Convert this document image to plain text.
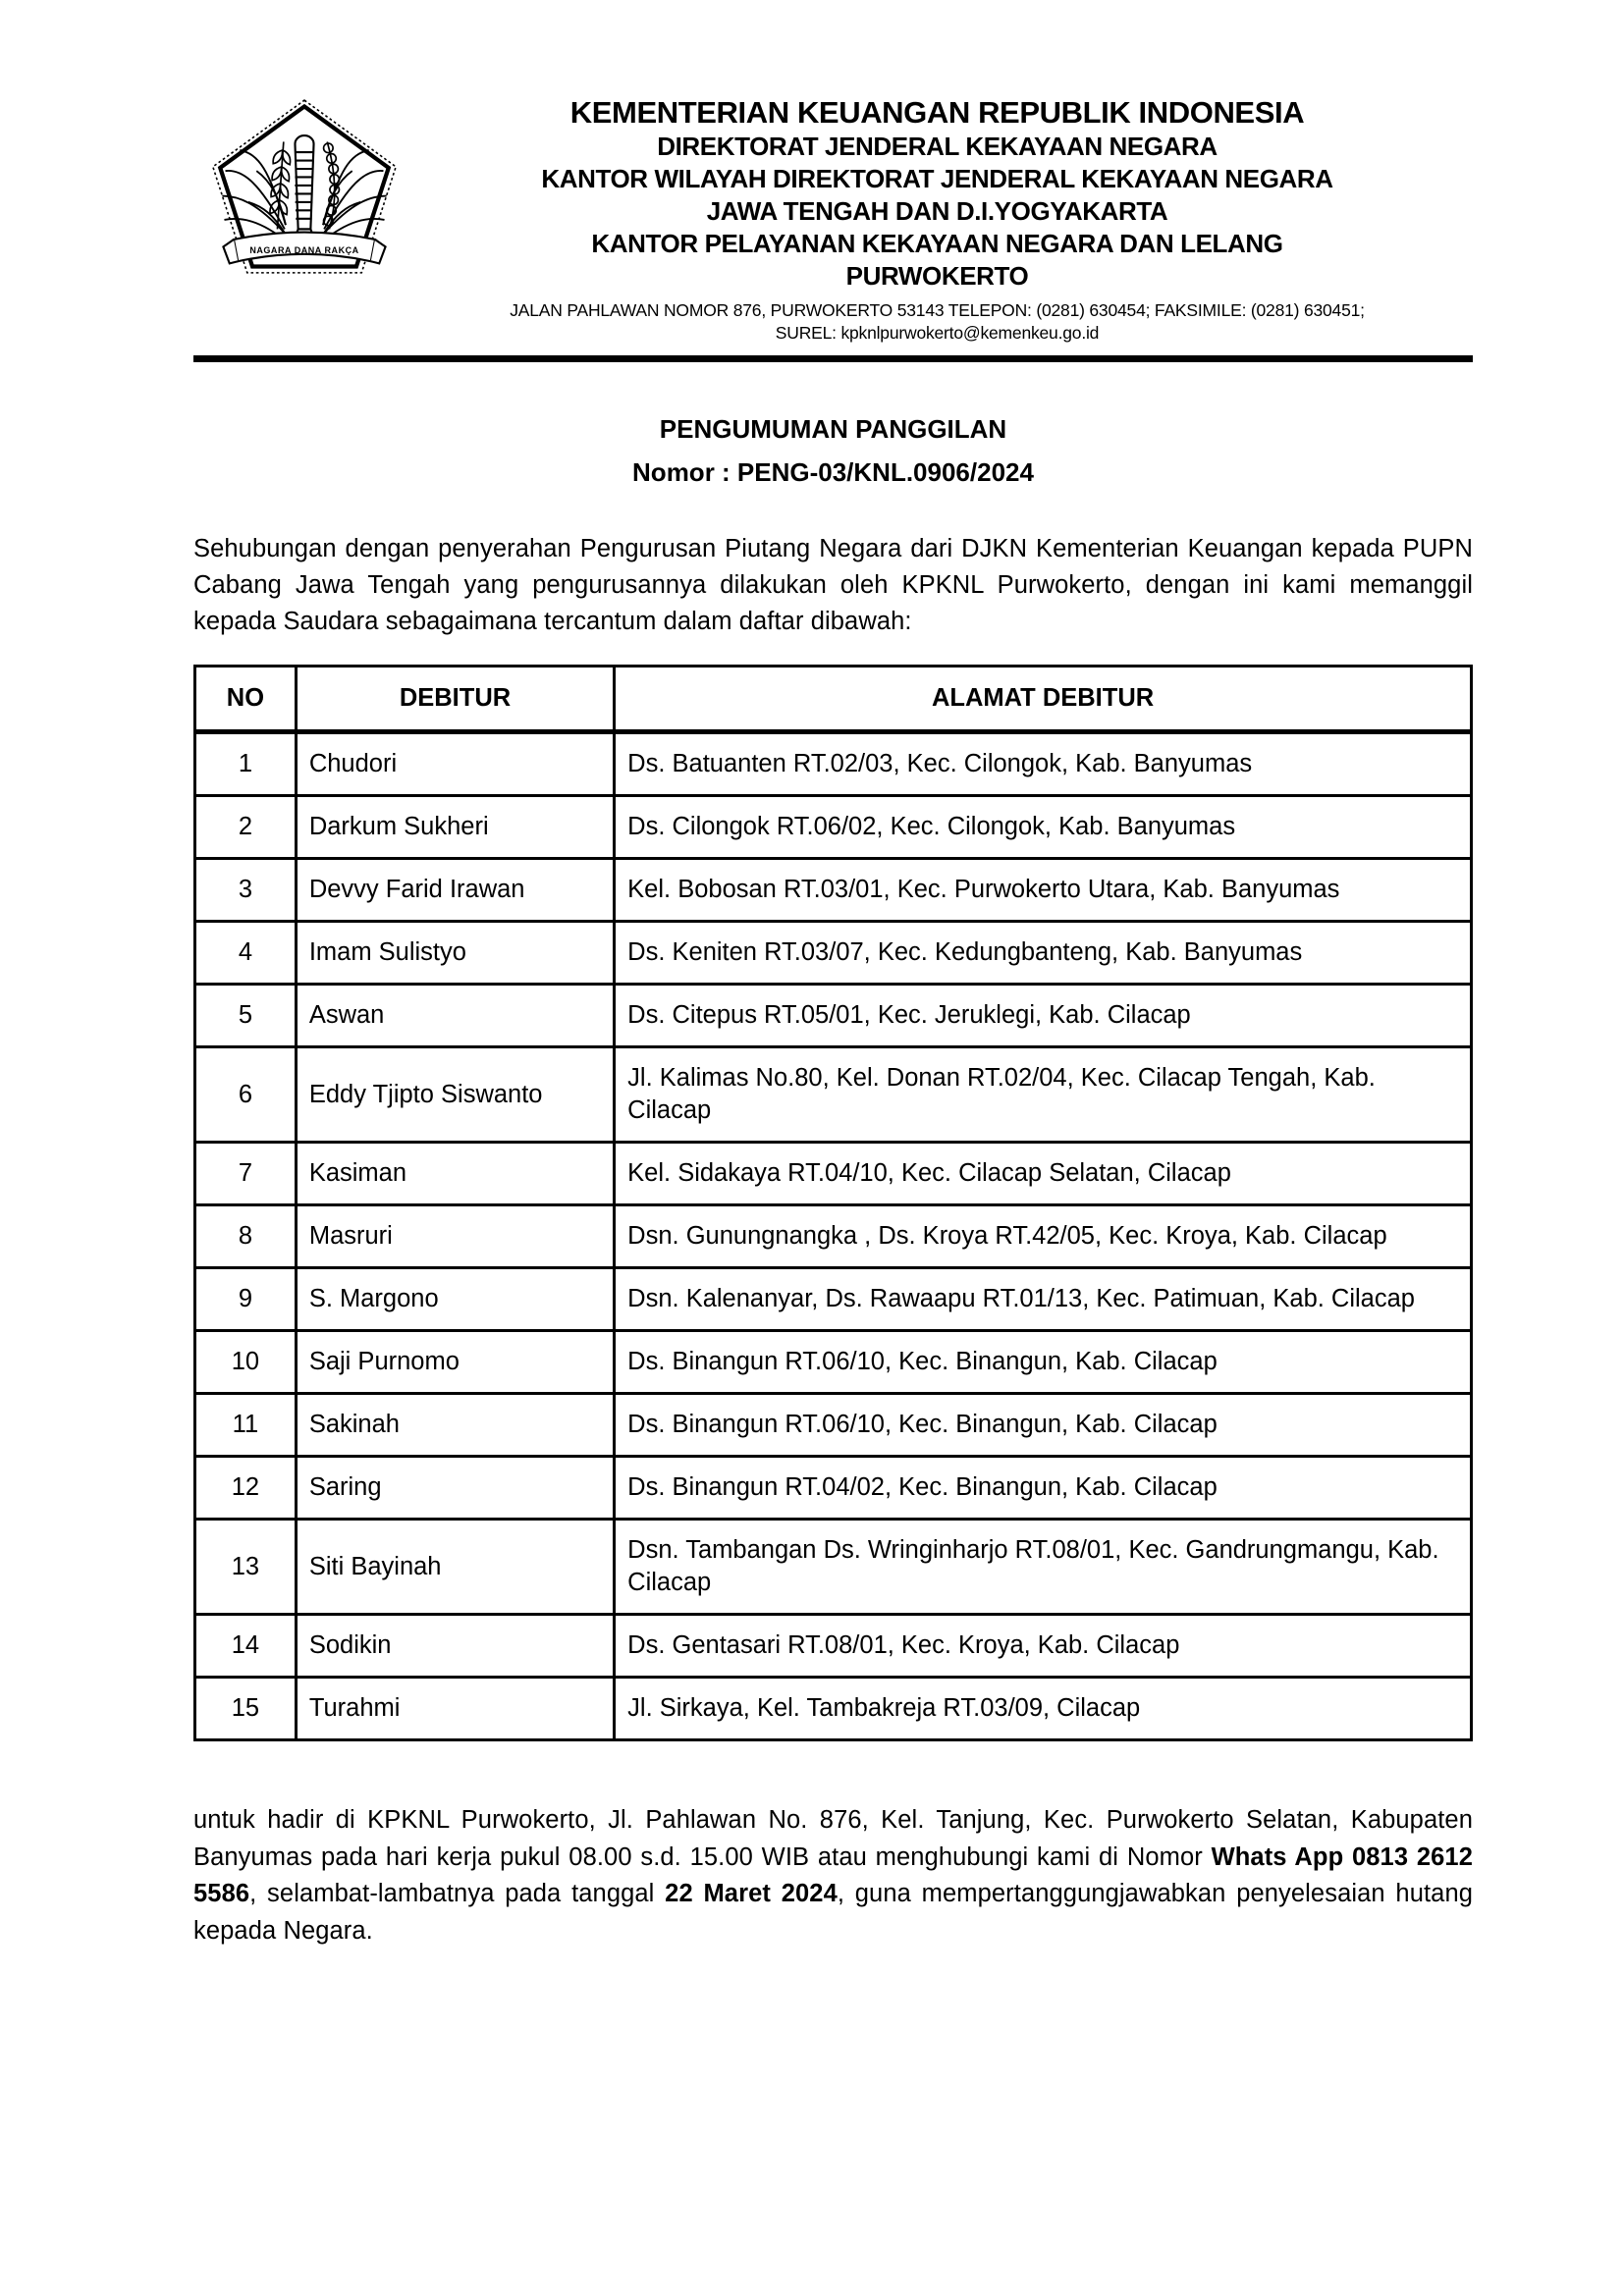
NAGARA DANA RAKÇA
KEMENTERIAN KEUANGAN REPUBLIK INDONESIA
DIREKTORAT JENDERAL KEKAYAAN NEGARA
KANTOR WILAYAH DIREKTORAT JENDERAL KEKAYAAN NEGARA
JAWA TENGAH DAN D.I.YOGYAKARTA
KANTOR PELAYANAN KEKAYAAN NEGARA DAN LELANG
PURWOKERTO
JALAN PAHLAWAN NOMOR 876, PURWOKERTO 53143 TELEPON: (0281) 630454; FAKSIMILE: (0281) 630451;
SUREL: kpknlpurwokerto@kemenkeu.go.id
PENGUMUMAN PANGGILAN
Nomor : PENG-03/KNL.0906/2024
Sehubungan dengan penyerahan Pengurusan Piutang Negara dari DJKN Kementerian Keuangan kepada PUPN Cabang Jawa Tengah yang pengurusannya dilakukan oleh KPKNL Purwokerto, dengan ini kami memanggil kepada Saudara sebagaimana tercantum dalam daftar dibawah:
NO	DEBITUR	ALAMAT DEBITUR
1	Chudori	Ds. Batuanten RT.02/03, Kec. Cilongok, Kab. Banyumas
2	Darkum Sukheri	Ds. Cilongok RT.06/02, Kec. Cilongok, Kab. Banyumas
3	Devvy Farid Irawan	Kel. Bobosan RT.03/01, Kec. Purwokerto Utara, Kab. Banyumas
4	Imam Sulistyo	Ds. Keniten RT.03/07, Kec. Kedungbanteng, Kab. Banyumas
5	Aswan	Ds. Citepus RT.05/01, Kec. Jeruklegi, Kab. Cilacap
6	Eddy Tjipto Siswanto	Jl. Kalimas No.80, Kel. Donan RT.02/04, Kec. Cilacap Tengah, Kab. Cilacap
7	Kasiman	Kel. Sidakaya RT.04/10, Kec. Cilacap Selatan, Cilacap
8	Masruri	Dsn. Gunungnangka , Ds. Kroya RT.42/05, Kec. Kroya, Kab. Cilacap
9	S. Margono	Dsn. Kalenanyar, Ds. Rawaapu RT.01/13, Kec. Patimuan, Kab. Cilacap
10	Saji Purnomo	Ds. Binangun RT.06/10, Kec. Binangun, Kab. Cilacap
11	Sakinah	Ds. Binangun RT.06/10, Kec. Binangun, Kab. Cilacap
12	Saring	Ds. Binangun RT.04/02, Kec. Binangun, Kab. Cilacap
13	Siti Bayinah	Dsn. Tambangan Ds. Wringinharjo RT.08/01, Kec. Gandrungmangu, Kab. Cilacap
14	Sodikin	Ds. Gentasari RT.08/01, Kec. Kroya, Kab. Cilacap
15	Turahmi	Jl. Sirkaya, Kel. Tambakreja RT.03/09, Cilacap
untuk hadir di KPKNL Purwokerto, Jl. Pahlawan No. 876, Kel. Tanjung, Kec. Purwokerto Selatan, Kabupaten Banyumas pada hari kerja pukul 08.00 s.d. 15.00 WIB atau menghubungi kami di Nomor Whats App 0813 2612 5586, selambat-lambatnya pada tanggal 22 Maret 2024, guna mempertanggungjawabkan penyelesaian hutang kepada Negara.
